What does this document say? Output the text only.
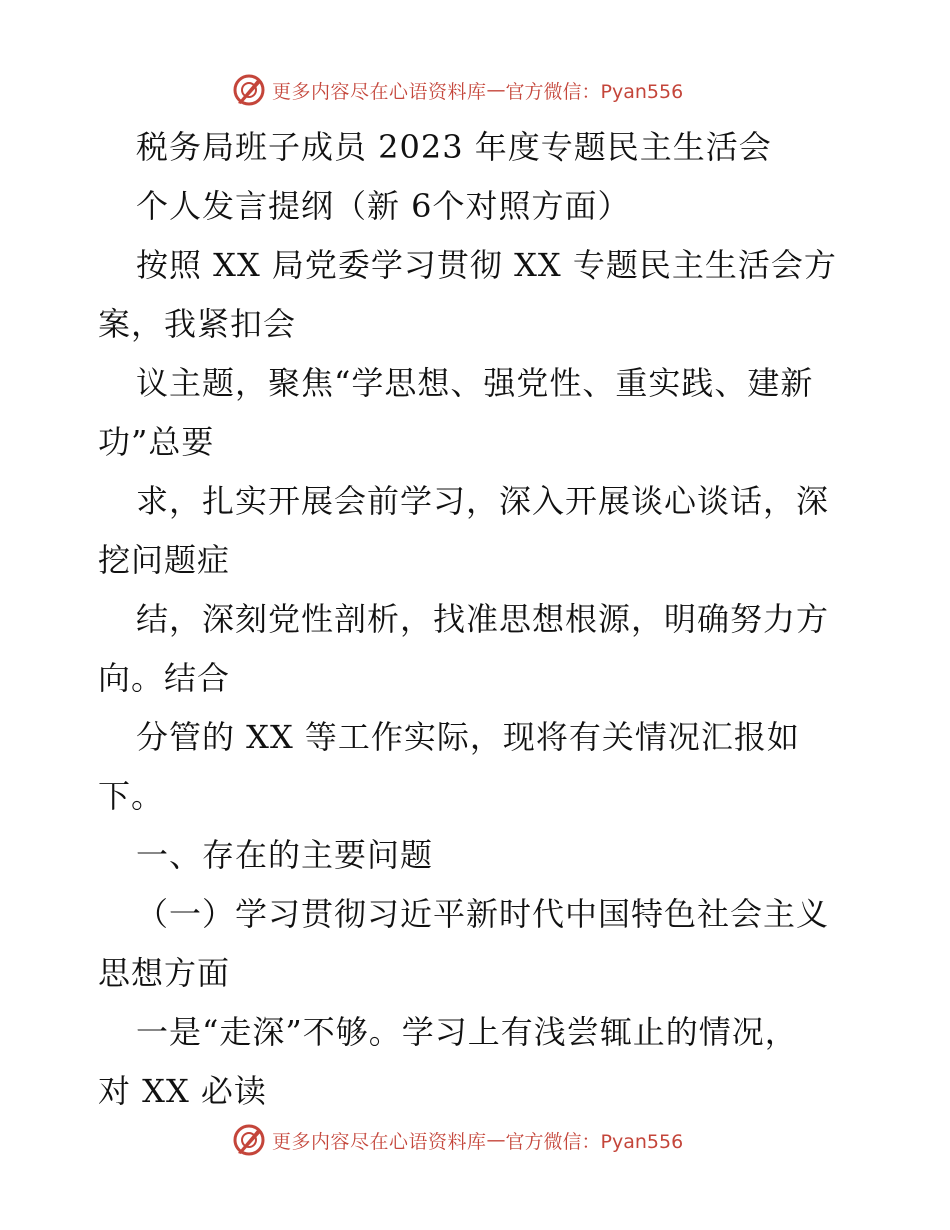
更多内容尽在心语资料库 — 官方微信：Pyan556
税务局班子成员 2023 年度专题民主生活会
个人发言提纲（新 6个对照方面）
按照 XX 局党委学习贯彻 XX 专题民主生活会方
案，我紧扣会
议主题，聚焦“学思想、强党性、重实践、建新
功”总要
求，扎实开展会前学习，深入开展谈心谈话，深
挖问题症
结，深刻党性剖析，找准思想根源，明确努力方
向。结合
分管的 XX 等工作实际，现将有关情况汇报如
下。
一、存在的主要问题
（一）学习贯彻习近平新时代中国特色社会主义
思想方面
一是“走深”不够。学习上有浅尝辄止的情况，
对 XX 必读
更多内容尽在心语资料库 — 官方微信：Pyan556
